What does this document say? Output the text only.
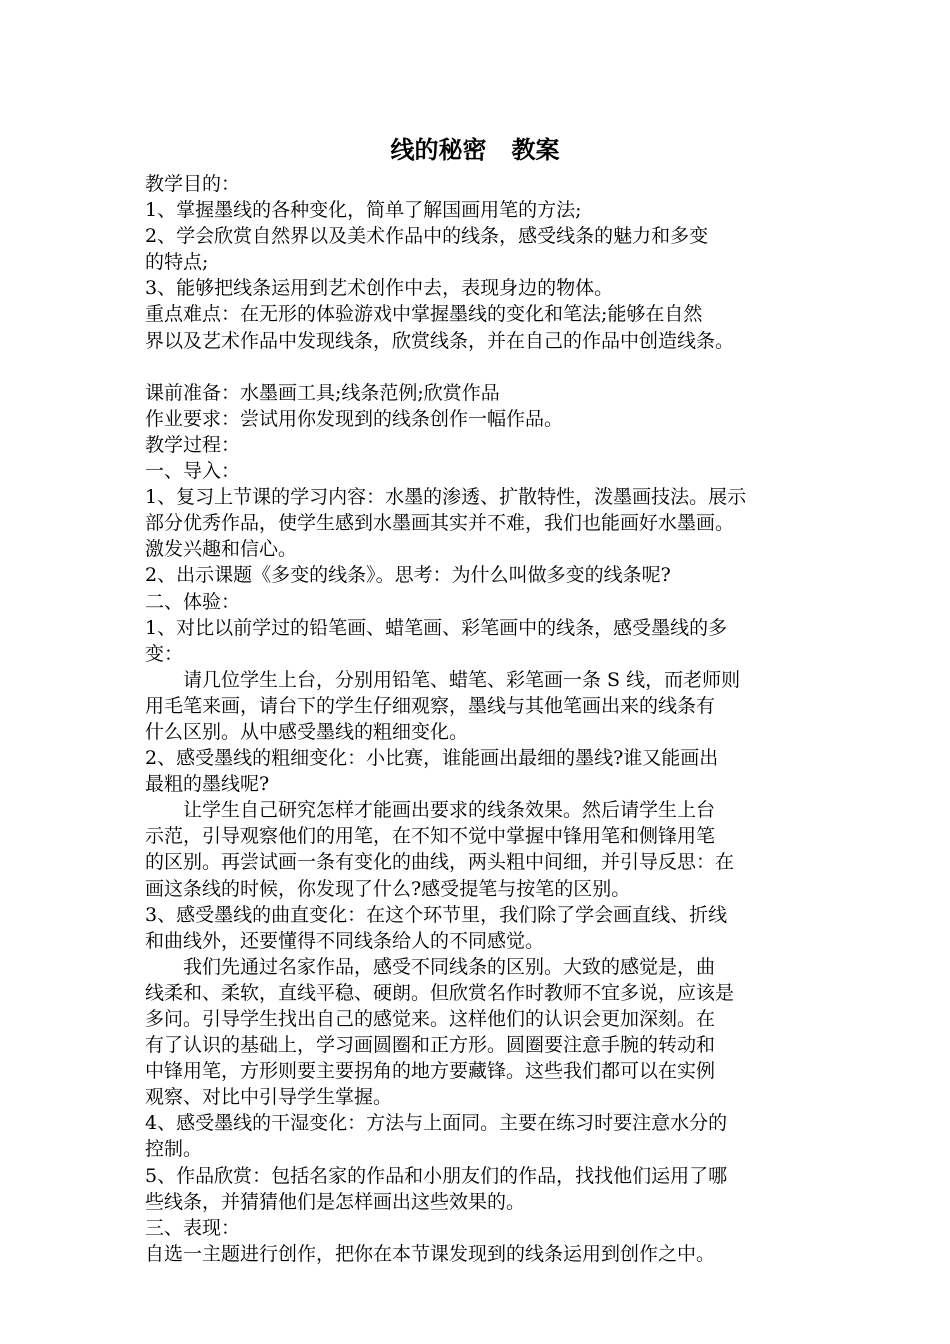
线的秘密   教案
教学目的：
1、掌握墨线的各种变化，简单了解国画用笔的方法;
2、学会欣赏自然界以及美术作品中的线条，感受线条的魅力和多变
的特点;
3、能够把线条运用到艺术创作中去，表现身边的物体。
重点难点：在无形的体验游戏中掌握墨线的变化和笔法;能够在自然
界以及艺术作品中发现线条，欣赏线条，并在自己的作品中创造线条。
课前准备：水墨画工具;线条范例;欣赏作品
作业要求：尝试用你发现到的线条创作一幅作品。
教学过程：
一、导入：
1、复习上节课的学习内容：水墨的渗透、扩散特性，泼墨画技法。展示
部分优秀作品，使学生感到水墨画其实并不难，我们也能画好水墨画。
激发兴趣和信心。
2、出示课题《多变的线条》。思考：为什么叫做多变的线条呢?
二、体验：
1、对比以前学过的铅笔画、蜡笔画、彩笔画中的线条，感受墨线的多
变：
　　请几位学生上台，分别用铅笔、蜡笔、彩笔画一条 S 线，而老师则
用毛笔来画，请台下的学生仔细观察，墨线与其他笔画出来的线条有
什么区别。从中感受墨线的粗细变化。
2、感受墨线的粗细变化：小比赛，谁能画出最细的墨线?谁又能画出
最粗的墨线呢?
　　让学生自己研究怎样才能画出要求的线条效果。然后请学生上台
示范，引导观察他们的用笔，在不知不觉中掌握中锋用笔和侧锋用笔
的区别。再尝试画一条有变化的曲线，两头粗中间细，并引导反思：在
画这条线的时候，你发现了什么?感受提笔与按笔的区别。
3、感受墨线的曲直变化：在这个环节里，我们除了学会画直线、折线
和曲线外，还要懂得不同线条给人的不同感觉。
　　我们先通过名家作品，感受不同线条的区别。大致的感觉是，曲
线柔和、柔软，直线平稳、硬朗。但欣赏名作时教师不宜多说，应该是
多问。引导学生找出自己的感觉来。这样他们的认识会更加深刻。在
有了认识的基础上，学习画圆圈和正方形。圆圈要注意手腕的转动和
中锋用笔，方形则要主要拐角的地方要藏锋。这些我们都可以在实例
观察、对比中引导学生掌握。
4、感受墨线的干湿变化：方法与上面同。主要在练习时要注意水分的
控制。
5、作品欣赏：包括名家的作品和小朋友们的作品，找找他们运用了哪
些线条，并猜猜他们是怎样画出这些效果的。
三、表现：
自选一主题进行创作，把你在本节课发现到的线条运用到创作之中。
